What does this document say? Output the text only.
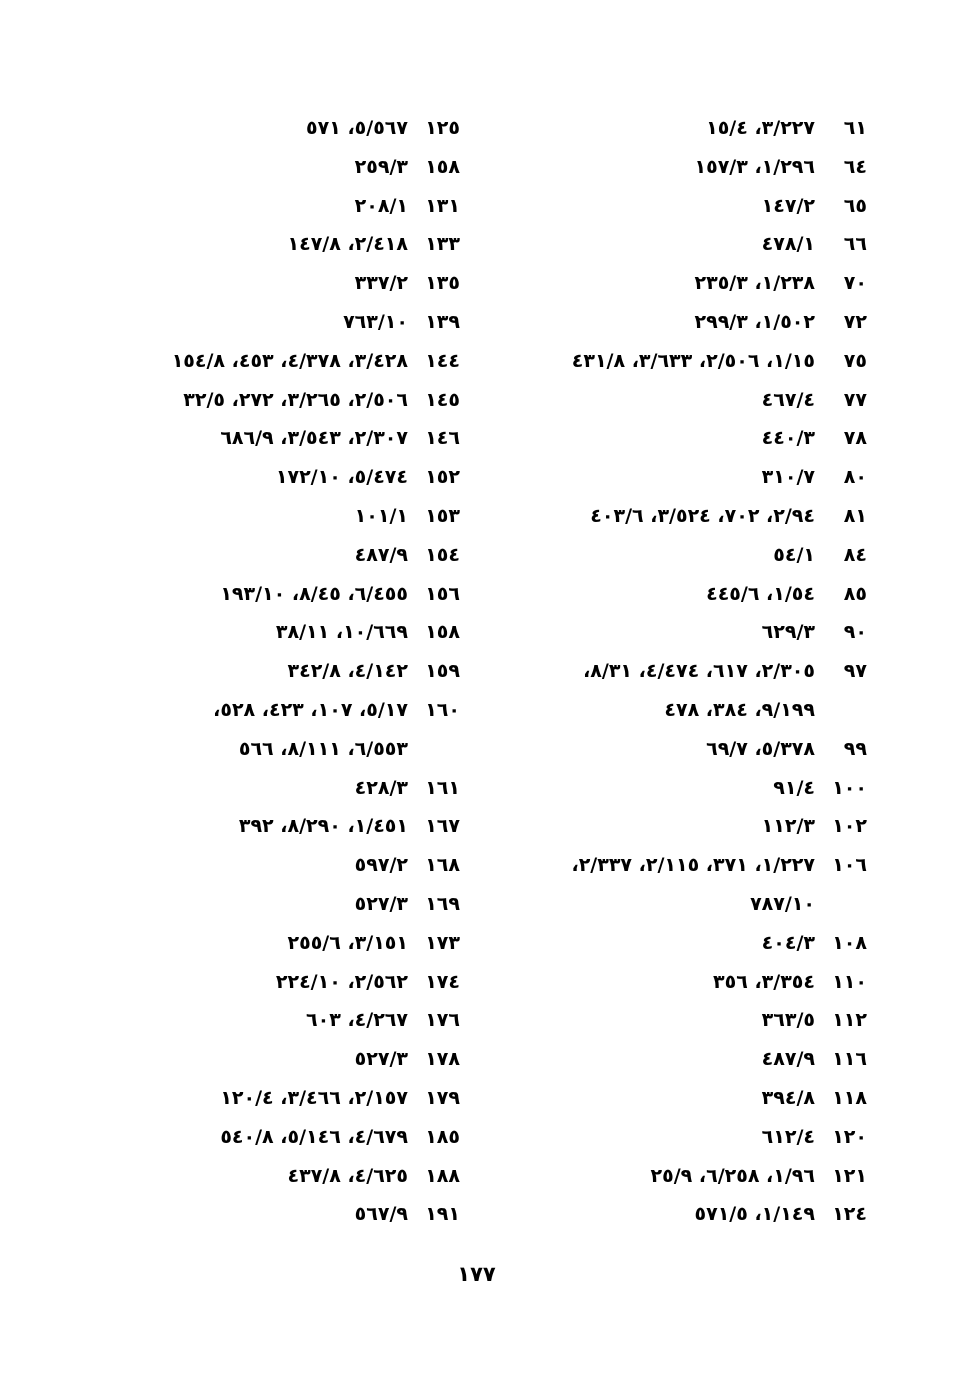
٦١
٣/٢٢٧، ١٥/٤
٦٤
١/٢٩٦، ١٥٧/٣
٦٥
١٤٧/٢
٦٦
٤٧٨/١
٧٠
١/٢٣٨، ٢٣٥/٣
٧٢
١/٥٠٢، ٢٩٩/٣
٧٥
١/١٥، ٢/٥٠٦، ٣/٦٣٣، ٤٣١/٨
٧٧
٤٦٧/٤
٧٨
٤٤٠/٣
٨٠
٣١٠/٧
٨١
٢/٩٤، ٧٠٢، ٣/٥٢٤، ٤٠٣/٦
٨٤
٥٤/١
٨٥
١/٥٤، ٤٤٥/٦
٩٠
٦٢٩/٣
٩٧
٢/٣٠٥، ٦١٧، ٤/٤٧٤، ٨/٣١،
٩/١٩٩، ٣٨٤، ٤٧٨
٩٩
٥/٣٧٨، ٦٩/٧
١٠٠
٩١/٤
١٠٢
١١٢/٣
١٠٦
١/٢٢٧، ٣٧١، ٢/١١٥، ٢/٣٣٧،
٧٨٧/١٠
١٠٨
٤٠٤/٣
١١٠
٣/٣٥٤، ٣٥٦
١١٢
٣٦٣/٥
١١٦
٤٨٧/٩
١١٨
٣٩٤/٨
١٢٠
٦١٢/٤
١٢١
١/٩٦، ٦/٢٥٨، ٢٥/٩
١٢٤
١/١٤٩، ٥٧١/٥
١٢٥
٥/٥٦٧، ٥٧١
١٥٨
٢٥٩/٣
١٣١
٢٠٨/١
١٣٣
٢/٤١٨، ١٤٧/٨
١٣٥
٣٣٧/٢
١٣٩
٧٦٣/١٠
١٤٤
٣/٤٢٨، ٤/٣٧٨، ٤٥٣، ١٥٤/٨
١٤٥
٢/٥٠٦، ٣/٢٦٥، ٢٧٢، ٣٢/٥
١٤٦
٢/٣٠٧، ٣/٥٤٣، ٦٨٦/٩
١٥٢
٥/٤٧٤، ١٧٢/١٠
١٥٣
١٠١/١
١٥٤
٤٨٧/٩
١٥٦
٦/٤٥٥، ٨/٤٥، ١٩٣/١٠
١٥٨
١٠/٦٦٩، ٣٨/١١
١٥٩
٤/١٤٢، ٣٤٢/٨
١٦٠
٥/١٧، ١٠٧، ٤٢٣، ٥٢٨،
٦/٥٥٣، ٨/١١١، ٥٦٦
١٦١
٤٢٨/٣
١٦٧
١/٤٥١، ٨/٢٩٠، ٣٩٢
١٦٨
٥٩٧/٢
١٦٩
٥٢٧/٣
١٧٣
٣/١٥١، ٢٥٥/٦
١٧٤
٢/٥٦٢، ٢٢٤/١٠
١٧٦
٤/٢٦٧، ٦٠٣
١٧٨
٥٢٧/٣
١٧٩
٢/١٥٧، ٣/٤٦٦، ١٢٠/٤
١٨٥
٤/٦٧٩، ٥/١٤٦، ٥٤٠/٨
١٨٨
٤/٦٢٥، ٤٣٧/٨
١٩١
٥٦٧/٩
١٧٧
